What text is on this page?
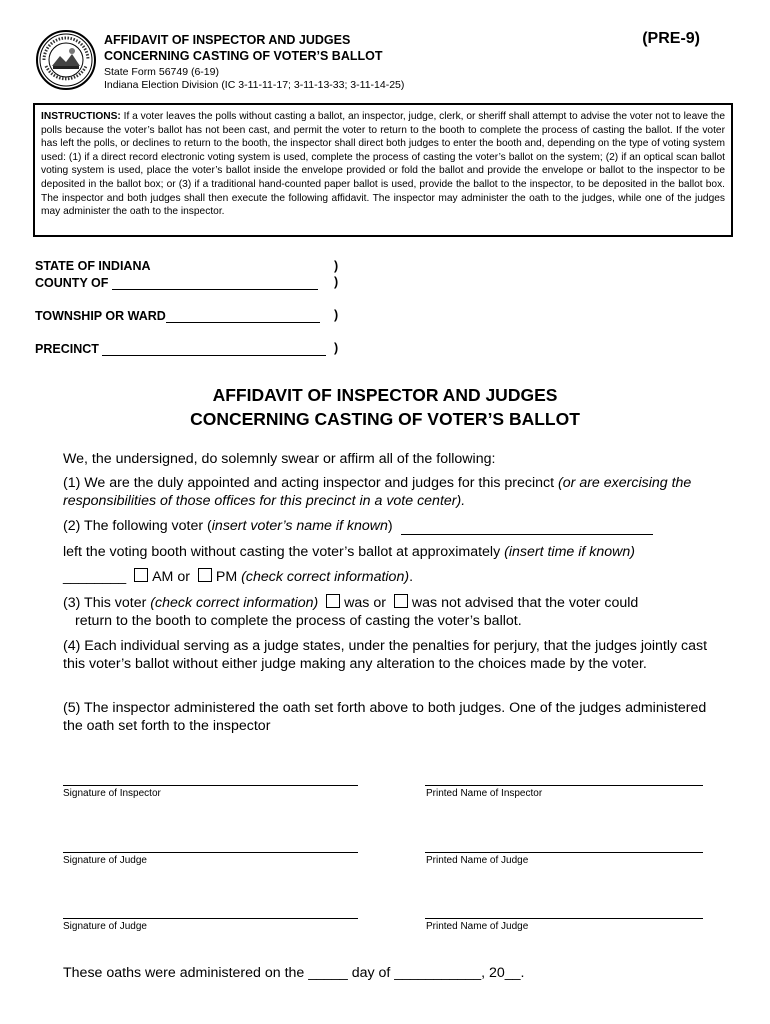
AFFIDAVIT OF INSPECTOR AND JUDGES
CONCERNING CASTING OF VOTER’S BALLOT
State Form 56749 (6-19)
Indiana Election Division (IC 3-11-11-17; 3-11-13-33; 3-11-14-25)
(PRE-9)
INSTRUCTIONS: If a voter leaves the polls without casting a ballot, an inspector, judge, clerk, or sheriff shall attempt to advise the voter not to leave the polls because the voter’s ballot has not been cast, and permit the voter to return to the booth to complete the process of casting the ballot. If the voter has left the polls, or declines to return to the booth, the inspector shall direct both judges to enter the booth and, depending on the type of voting system used: (1) if a direct record electronic voting system is used, complete the process of casting the voter’s ballot on the system; (2) if an optical scan ballot voting system is used, place the voter’s ballot inside the envelope provided or fold the ballot and provide the envelope or ballot to the inspector to be deposited in the ballot box; or (3) if a traditional hand-counted paper ballot is used, provide the ballot to the inspector, to be deposited in the ballot box. The inspector and both judges shall then execute the following affidavit. The inspector may administer the oath to the judges, while one of the judges may administer the oath to the inspector.
STATE OF INDIANA	)
COUNTY OF	)
TOWNSHIP OR WARD	)
PRECINCT	)
AFFIDAVIT OF INSPECTOR AND JUDGES
CONCERNING CASTING OF VOTER’S BALLOT
We, the undersigned, do solemnly swear or affirm all of the following:
(1) We are the duly appointed and acting inspector and judges for this precinct (or are exercising the responsibilities of those offices for this precinct in a vote center).
(2) The following voter (insert voter’s name if known)
left the voting booth without casting the voter’s ballot at approximately (insert time if known)
________ AM or PM (check correct information).
(3) This voter (check correct information) was or was not advised that the voter could
return to the booth to complete the process of casting the voter’s ballot.
(4) Each individual serving as a judge states, under the penalties for perjury, that the judges jointly cast this voter’s ballot without either judge making any alteration to the choices made by the voter.
(5) The inspector administered the oath set forth above to both judges. One of the judges administered the oath set forth to the inspector
Signature of Inspector	Printed Name of Inspector
Signature of Judge	Printed Name of Judge
Signature of Judge	Printed Name of Judge
These oaths were administered on the _____ day of ___________, 20__.
